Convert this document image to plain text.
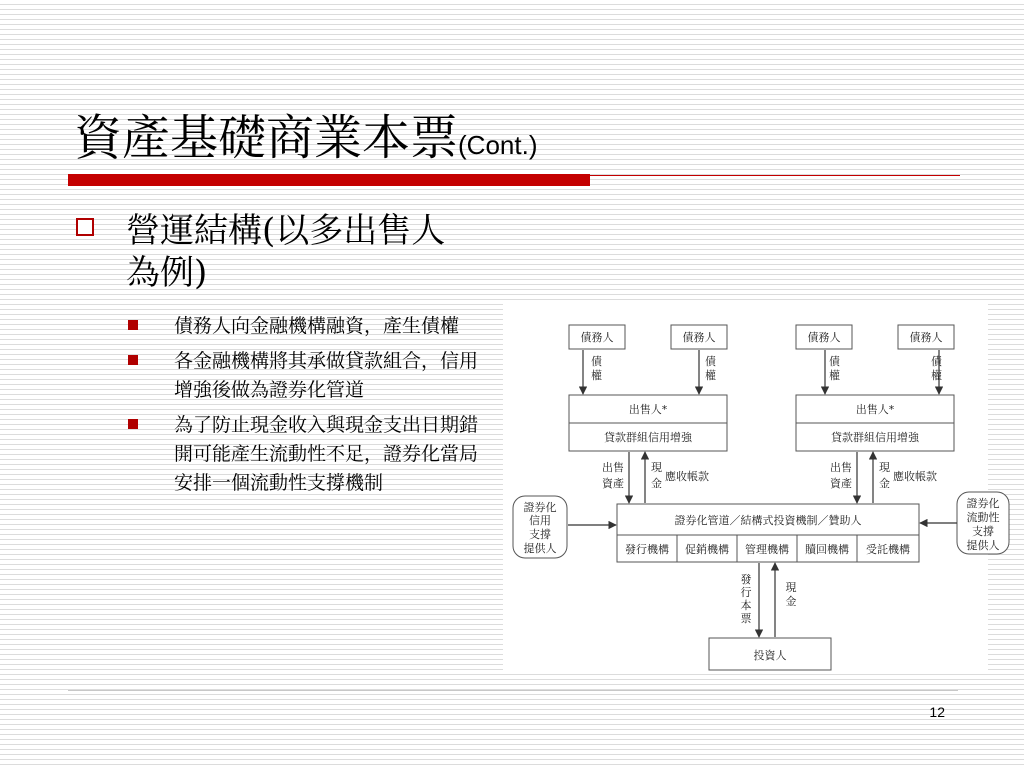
資產基礎商業本票(Cont.)
營運結構(以多出售人為例)
債務人向金融機構融資，產生債權
各金融機構將其承做貸款組合，信用增強後做為證券化管道
為了防止現金收入與現金支出日期錯開可能產生流動性不足，證券化當局安排一個流動性支撐機制
債務人	債務人	債務人	債務人
債
權
債
權
債
權
債
權
出售人*	出售人*
貸款群組信用增強	貸款群組信用增強
出售
資產
現
金
應收帳款
出售
資產
現
金
應收帳款
證券化管道／結構式投資機制／贊助人
發行機構 促銷機構 管理機構 贖回機構 受託機構
證券化
信用
支撐
提供人
證券化
流動性
支撐
提供人
發
行
本
票
現
金
投資人
12
